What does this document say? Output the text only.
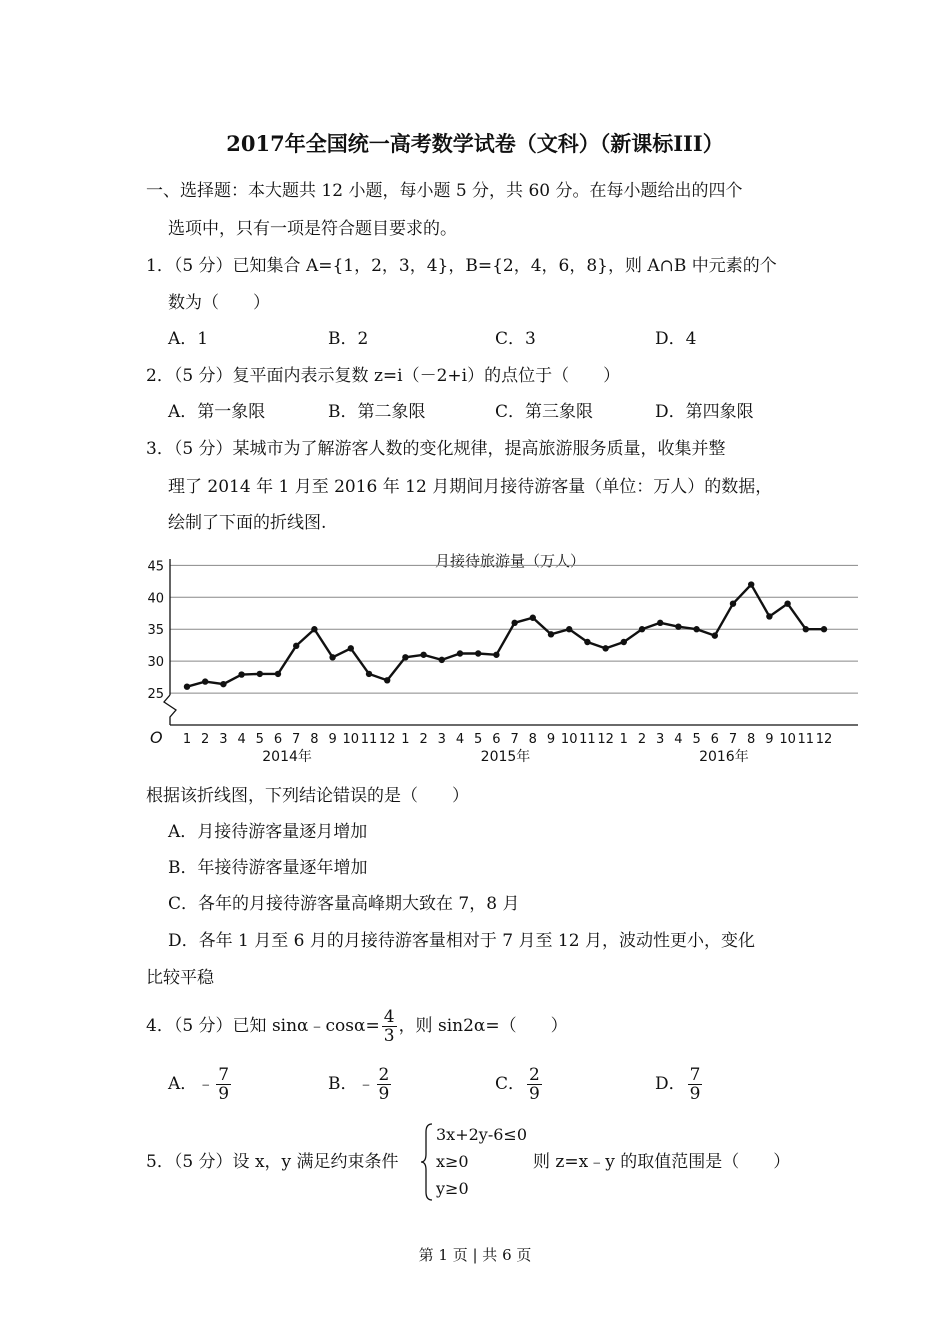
2017年全国统一高考数学试卷（文科）（新课标III）
一、选择题：本大题共 12 小题，每小题 5 分，共 60 分。在每小题给出的四个
选项中，只有一项是符合题目要求的。
1．（5 分）已知集合 A={1，2，3，4}，B={2，4，6，8}，则 A∩B 中元素的个
数为（　　）
A．1	B．2	C．3	D．4
2．（5 分）复平面内表示复数 z=i（－2+i）的点位于（　　）
A．第一象限	B．第二象限	C．第三象限	D．第四象限
3．（5 分）某城市为了解游客人数的变化规律，提高旅游服务质量，收集并整
理了 2014 年 1 月至 2016 年 12 月期间月接待游客量（单位：万人）的数据，
绘制了下面的折线图.
月接待旅游量（万人）
45
40
35
30
25
O 1 2 3 4 5 6 7 8 9 10 11 12 1 2 3 4 5 6 7 8 9 10 11 12 1 2 3 4 5 6 7 8 9 10 11 12
2014年	2015年	2016年
根据该折线图，下列结论错误的是（　　）
A．月接待游客量逐月增加
B．年接待游客量逐年增加
C．各年的月接待游客量高峰期大致在 7，8 月
D．各年 1 月至 6 月的月接待游客量相对于 7 月至 12 月，波动性更小，变化
比较平稳
4．（5 分）已知 sinα﹣cosα= $\frac{4}{3}$ ，则 sin2α=（　　）
A．﹣ $\frac{7}{9}$	B．﹣ $\frac{2}{9}$	C． $\frac{2}{9}$	D． $\frac{7}{9}$
5．（5 分）设 x，y 满足约束条件
3x+2y-6≤0
x≥0
y≥0
则 z=x﹣y 的取值范围是（　　）
第 1 页 | 共 6 页
